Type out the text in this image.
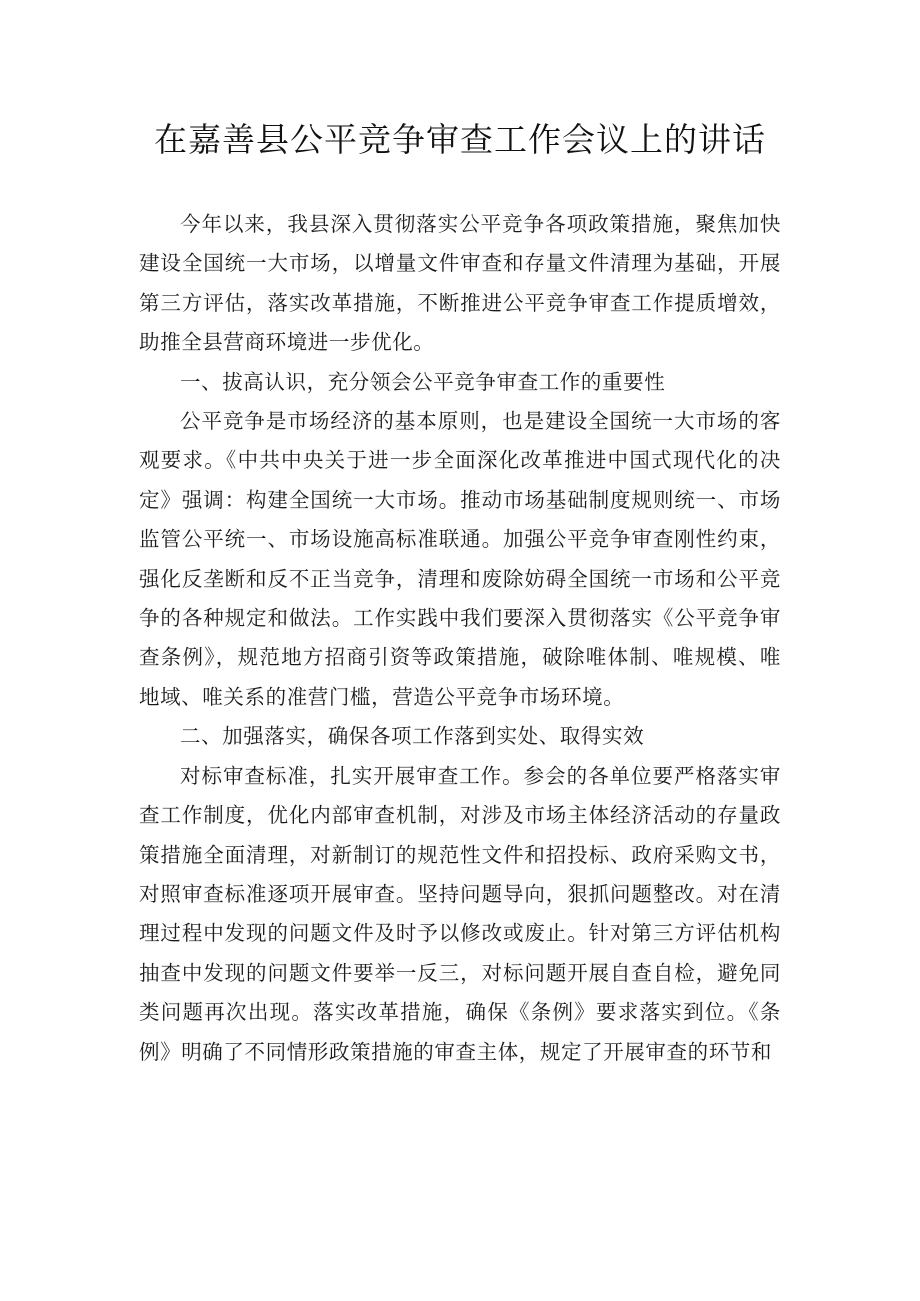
在嘉善县公平竞争审查工作会议上的讲话

今年以来，我县深入贯彻落实公平竞争各项政策措施，聚焦加快建设全国统一大市场，以增量文件审查和存量文件清理为基础，开展第三方评估，落实改革措施，不断推进公平竞争审查工作提质增效，助推全县营商环境进一步优化。

一、拔高认识，充分领会公平竞争审查工作的重要性

公平竞争是市场经济的基本原则，也是建设全国统一大市场的客观要求。《中共中央关于进一步全面深化改革推进中国式现代化的决定》强调：构建全国统一大市场。推动市场基础制度规则统一、市场监管公平统一、市场设施高标准联通。加强公平竞争审查刚性约束，强化反垄断和反不正当竞争，清理和废除妨碍全国统一市场和公平竞争的各种规定和做法。工作实践中我们要深入贯彻落实《公平竞争审查条例》，规范地方招商引资等政策措施，破除唯体制、唯规模、唯地域、唯关系的准营门槛，营造公平竞争市场环境。

二、加强落实，确保各项工作落到实处、取得实效

对标审查标准，扎实开展审查工作。参会的各单位要严格落实审查工作制度，优化内部审查机制，对涉及市场主体经济活动的存量政策措施全面清理，对新制订的规范性文件和招投标、政府采购文书，对照审查标准逐项开展审查。坚持问题导向，狠抓问题整改。对在清理过程中发现的问题文件及时予以修改或废止。针对第三方评估机构抽查中发现的问题文件要举一反三，对标问题开展自查自检，避免同类问题再次出现。落实改革措施，确保《条例》要求落实到位。《条例》明确了不同情形政策措施的审查主体，规定了开展审查的环节和
